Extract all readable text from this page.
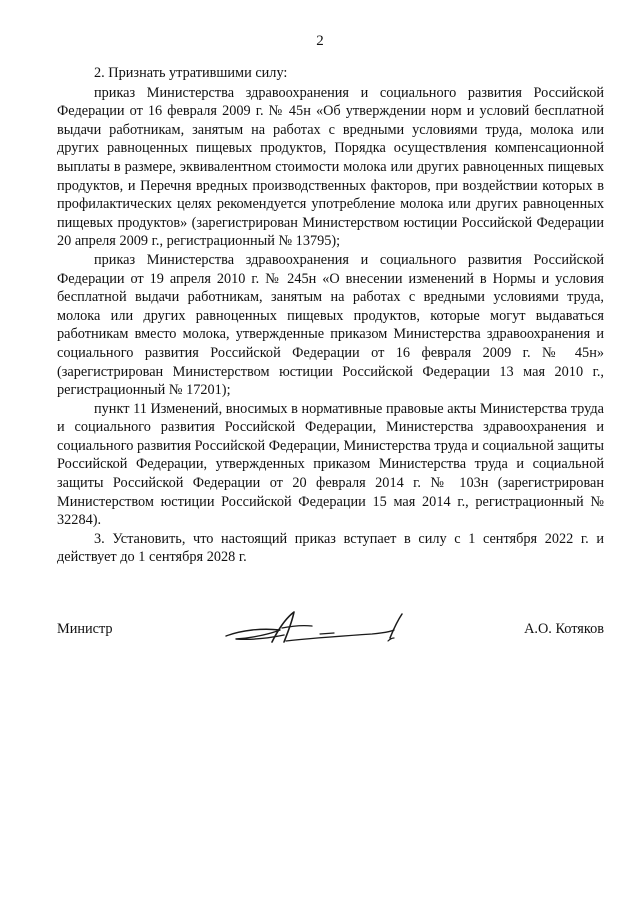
2

2. Признать утратившими силу:

приказ Министерства здравоохранения и социального развития Российской Федерации от 16 февраля 2009 г. № 45н «Об утверждении норм и условий бесплатной выдачи работникам, занятым на работах с вредными условиями труда, молока или других равноценных пищевых продуктов, Порядка осуществления компенсационной выплаты в размере, эквивалентном стоимости молока или других равноценных пищевых продуктов, и Перечня вредных производственных факторов, при воздействии которых в профилактических целях рекомендуется употребление молока или других равноценных пищевых продуктов» (зарегистрирован Министерством юстиции Российской Федерации 20 апреля 2009 г., регистрационный № 13795);

приказ Министерства здравоохранения и социального развития Российской Федерации от 19 апреля 2010 г. № 245н «О внесении изменений в Нормы и условия бесплатной выдачи работникам, занятым на работах с вредными условиями труда, молока или других равноценных пищевых продуктов, которые могут выдаваться работникам вместо молока, утвержденные приказом Министерства здравоохранения и социального развития Российской Федерации от 16 февраля 2009 г. № 45н» (зарегистрирован Министерством юстиции Российской Федерации 13 мая 2010 г., регистрационный № 17201);

пункт 11 Изменений, вносимых в нормативные правовые акты Министерства труда и социального развития Российской Федерации, Министерства здравоохранения и социального развития Российской Федерации, Министерства труда и социальной защиты Российской Федерации, утвержденных приказом Министерства труда и социальной защиты Российской Федерации от 20 февраля 2014 г. № 103н (зарегистрирован Министерством юстиции Российской Федерации 15 мая 2014 г., регистрационный № 32284).

3. Установить, что настоящий приказ вступает в силу с 1 сентября 2022 г. и действует до 1 сентября 2028 г.

Министр	А.О. Котяков
